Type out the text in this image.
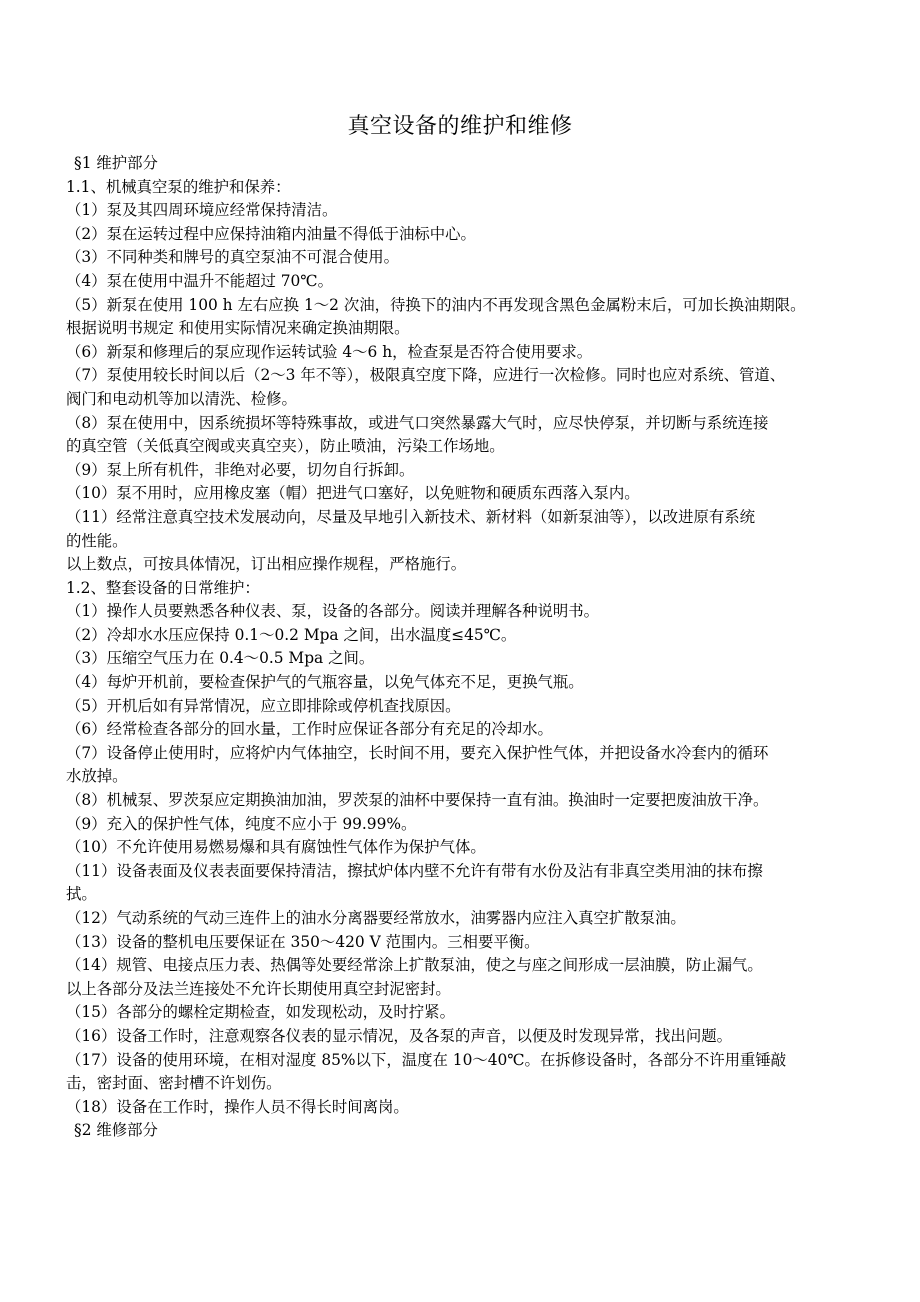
真空设备的维护和维修
§1 维护部分
1.1、机械真空泵的维护和保养：
（1）泵及其四周环境应经常保持清洁。
（2）泵在运转过程中应保持油箱内油量不得低于油标中心。
（3）不同种类和牌号的真空泵油不可混合使用。
（4）泵在使用中温升不能超过 70℃。
（5）新泵在使用 100 h 左右应换 1～2 次油，待换下的油内不再发现含黑色金属粉末后，可加长换油期限。
根据说明书规定 和使用实际情况来确定换油期限。
（6）新泵和修理后的泵应现作运转试验 4～6 h，检查泵是否符合使用要求。
（7）泵使用较长时间以后（2～3 年不等），极限真空度下降，应进行一次检修。同时也应对系统、管道、
阀门和电动机等加以清洗、检修。
（8）泵在使用中，因系统损坏等特殊事故，或进气口突然暴露大气时，应尽快停泵，并切断与系统连接
的真空管（关低真空阀或夹真空夹），防止喷油，污染工作场地。
（9）泵上所有机件，非绝对必要，切勿自行拆卸。
（10）泵不用时，应用橡皮塞（帽）把进气口塞好，以免赃物和硬质东西落入泵内。
（11）经常注意真空技术发展动向，尽量及早地引入新技术、新材料（如新泵油等），以改进原有系统
的性能。
以上数点，可按具体情况，订出相应操作规程，严格施行。
1.2、整套设备的日常维护：
（1）操作人员要熟悉各种仪表、泵，设备的各部分。阅读并理解各种说明书。
（2）冷却水水压应保持 0.1～0.2 Mpa 之间，出水温度≤45℃。
（3）压缩空气压力在 0.4～0.5 Mpa 之间。
（4）每炉开机前，要检查保护气的气瓶容量，以免气体充不足，更换气瓶。
（5）开机后如有异常情况，应立即排除或停机查找原因。
（6）经常检查各部分的回水量，工作时应保证各部分有充足的冷却水。
（7）设备停止使用时，应将炉内气体抽空，长时间不用，要充入保护性气体，并把设备水冷套内的循环
水放掉。
（8）机械泵、罗茨泵应定期换油加油，罗茨泵的油杯中要保持一直有油。换油时一定要把废油放干净。
（9）充入的保护性气体，纯度不应小于 99.99%。
（10）不允许使用易燃易爆和具有腐蚀性气体作为保护气体。
（11）设备表面及仪表表面要保持清洁，擦拭炉体内壁不允许有带有水份及沾有非真空类用油的抹布擦
拭。
（12）气动系统的气动三连件上的油水分离器要经常放水，油雾器内应注入真空扩散泵油。
（13）设备的整机电压要保证在 350～420 V 范围内。三相要平衡。
（14）规管、电接点压力表、热偶等处要经常涂上扩散泵油，使之与座之间形成一层油膜，防止漏气。
以上各部分及法兰连接处不允许长期使用真空封泥密封。
（15）各部分的螺栓定期检查，如发现松动，及时拧紧。
（16）设备工作时，注意观察各仪表的显示情况，及各泵的声音，以便及时发现异常，找出问题。
（17）设备的使用环境，在相对湿度 85%以下，温度在 10～40℃。在拆修设备时，各部分不许用重锤敲
击，密封面、密封槽不许划伤。
（18）设备在工作时，操作人员不得长时间离岗。
§2 维修部分
